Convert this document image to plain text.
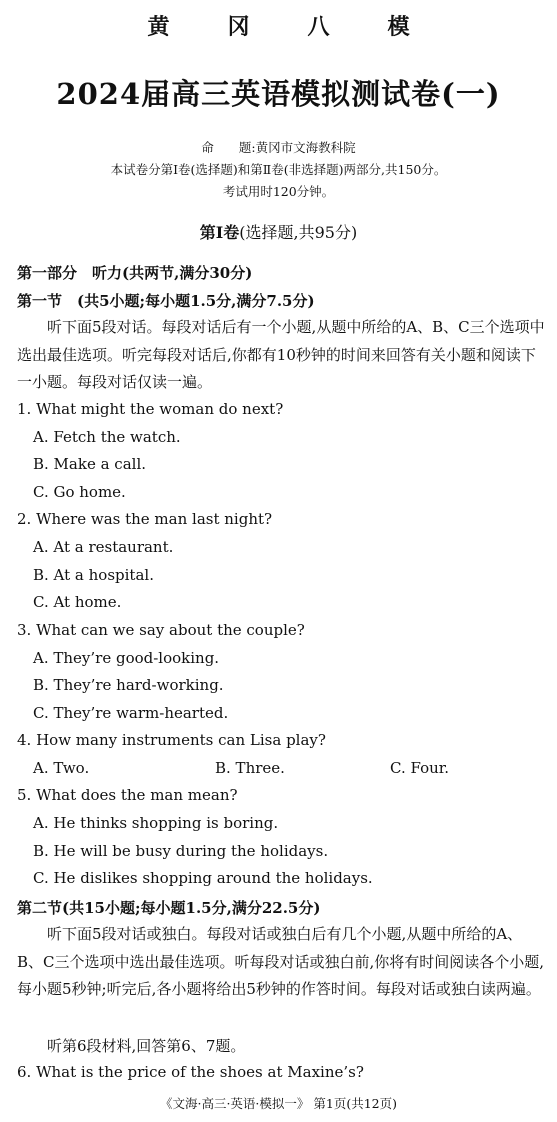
黄冈八模
2024届高三英语模拟测试卷(一)
命　　题:黄冈市文海教科院
本试卷分第Ⅰ卷(选择题)和第Ⅱ卷(非选择题)两部分,共150分。
考试用时120分钟。
第Ⅰ卷(选择题,共95分)
第一部分　听力(共两节,满分30分)
第一节　(共5小题;每小题1.5分,满分7.5分)
听下面5段对话。每段对话后有一个小题,从题中所给的A、B、C三个选项中选出最佳选项。听完每段对话后,你都有10秒钟的时间来回答有关小题和阅读下一小题。每段对话仅读一遍。
1. What might the woman do next?
A. Fetch the watch.
B. Make a call.
C. Go home.
2. Where was the man last night?
A. At a restaurant.
B. At a hospital.
C. At home.
3. What can we say about the couple?
A. They’re good-looking.
B. They’re hard-working.
C. They’re warm-hearted.
4. How many instruments can Lisa play?
A. Two.	B. Three.	C. Four.
5. What does the man mean?
A. He thinks shopping is boring.
B. He will be busy during the holidays.
C. He dislikes shopping around the holidays.
第二节(共15小题;每小题1.5分,满分22.5分)
听下面5段对话或独白。每段对话或独白后有几个小题,从题中所给的A、B、C三个选项中选出最佳选项。听每段对话或独白前,你将有时间阅读各个小题,每小题5秒钟;听完后,各小题将给出5秒钟的作答时间。每段对话或独白读两遍。
听第6段材料,回答第6、7题。
6. What is the price of the shoes at Maxine’s?
《文海·高三·英语·模拟一》 第1页(共12页)
